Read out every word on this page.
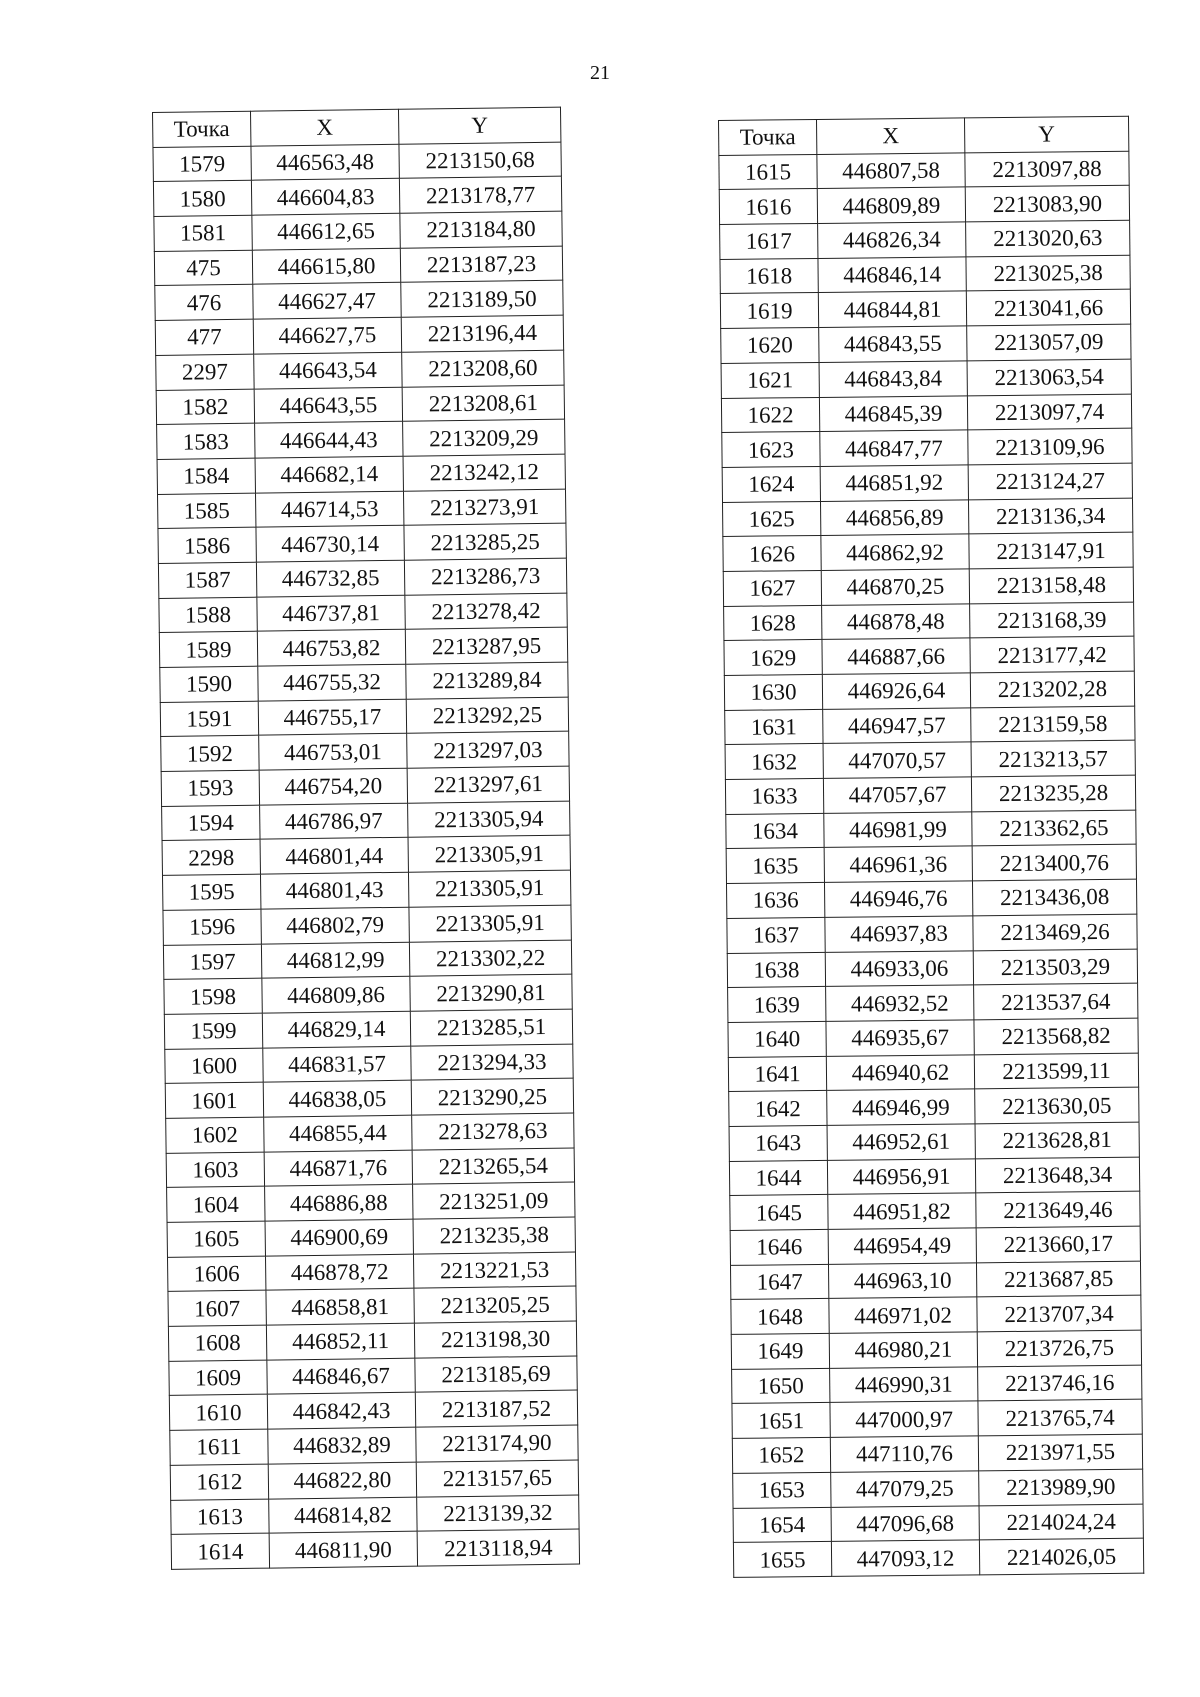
21
Точка	X	Y
1579	446563,48	2213150,68
1580	446604,83	2213178,77
1581	446612,65	2213184,80
475	446615,80	2213187,23
476	446627,47	2213189,50
477	446627,75	2213196,44
2297	446643,54	2213208,60
1582	446643,55	2213208,61
1583	446644,43	2213209,29
1584	446682,14	2213242,12
1585	446714,53	2213273,91
1586	446730,14	2213285,25
1587	446732,85	2213286,73
1588	446737,81	2213278,42
1589	446753,82	2213287,95
1590	446755,32	2213289,84
1591	446755,17	2213292,25
1592	446753,01	2213297,03
1593	446754,20	2213297,61
1594	446786,97	2213305,94
2298	446801,44	2213305,91
1595	446801,43	2213305,91
1596	446802,79	2213305,91
1597	446812,99	2213302,22
1598	446809,86	2213290,81
1599	446829,14	2213285,51
1600	446831,57	2213294,33
1601	446838,05	2213290,25
1602	446855,44	2213278,63
1603	446871,76	2213265,54
1604	446886,88	2213251,09
1605	446900,69	2213235,38
1606	446878,72	2213221,53
1607	446858,81	2213205,25
1608	446852,11	2213198,30
1609	446846,67	2213185,69
1610	446842,43	2213187,52
1611	446832,89	2213174,90
1612	446822,80	2213157,65
1613	446814,82	2213139,32
1614	446811,90	2213118,94
Точка	X	Y
1615	446807,58	2213097,88
1616	446809,89	2213083,90
1617	446826,34	2213020,63
1618	446846,14	2213025,38
1619	446844,81	2213041,66
1620	446843,55	2213057,09
1621	446843,84	2213063,54
1622	446845,39	2213097,74
1623	446847,77	2213109,96
1624	446851,92	2213124,27
1625	446856,89	2213136,34
1626	446862,92	2213147,91
1627	446870,25	2213158,48
1628	446878,48	2213168,39
1629	446887,66	2213177,42
1630	446926,64	2213202,28
1631	446947,57	2213159,58
1632	447070,57	2213213,57
1633	447057,67	2213235,28
1634	446981,99	2213362,65
1635	446961,36	2213400,76
1636	446946,76	2213436,08
1637	446937,83	2213469,26
1638	446933,06	2213503,29
1639	446932,52	2213537,64
1640	446935,67	2213568,82
1641	446940,62	2213599,11
1642	446946,99	2213630,05
1643	446952,61	2213628,81
1644	446956,91	2213648,34
1645	446951,82	2213649,46
1646	446954,49	2213660,17
1647	446963,10	2213687,85
1648	446971,02	2213707,34
1649	446980,21	2213726,75
1650	446990,31	2213746,16
1651	447000,97	2213765,74
1652	447110,76	2213971,55
1653	447079,25	2213989,90
1654	447096,68	2214024,24
1655	447093,12	2214026,05
